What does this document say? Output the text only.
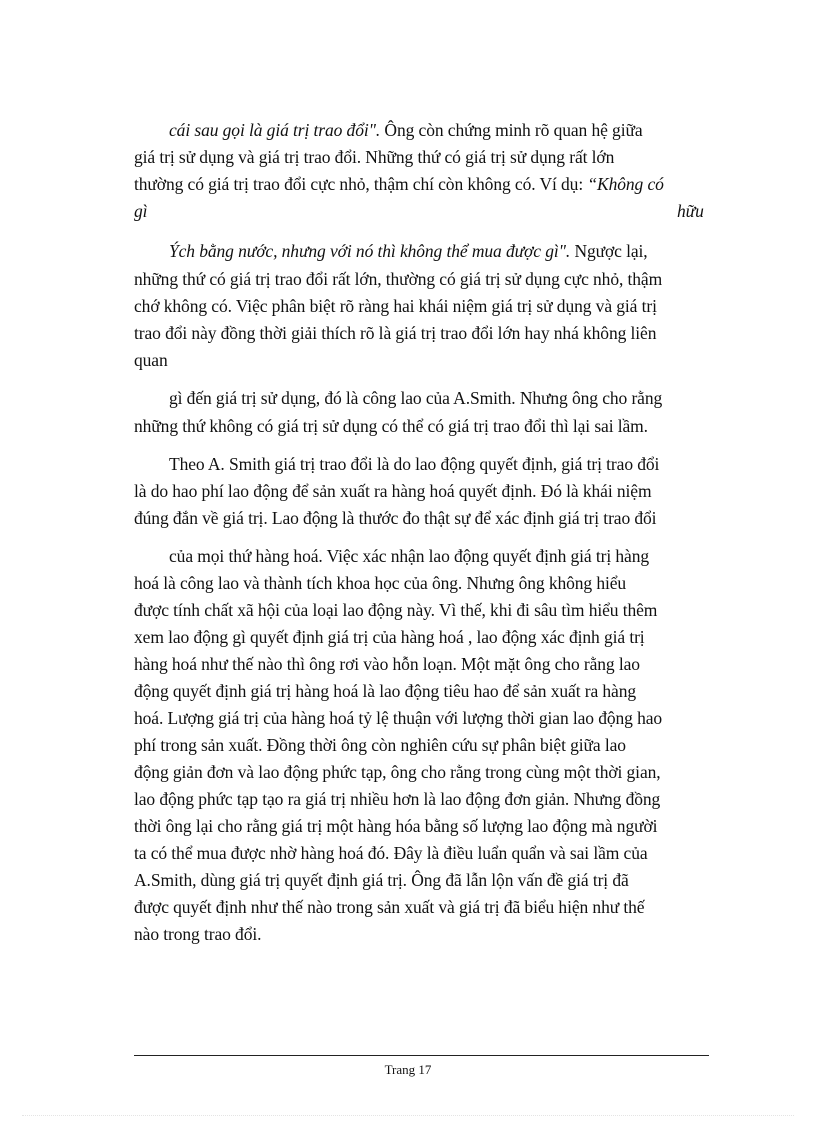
cái sau gọi là giá trị trao đổi". Ông còn chứng minh rõ quan hệ giữa
giá trị sử dụng và giá trị trao đổi. Những thứ có giá trị sử dụng rất lớn
thường có giá trị trao đổi cực nhỏ, thậm chí còn không có. Ví dụ: “Không có
gì	hữu
Ých bằng nước, nhưng với nó thì không thể mua được gì". Ngược lại,
những thứ có giá trị trao đổi rất lớn, thường có giá trị sử dụng cực nhỏ, thậm
chớ không có. Việc phân biệt rõ ràng hai khái niệm giá trị sử dụng và giá trị
trao đổi này đồng thời giải thích rõ là giá trị trao đổi lớn hay nhá không liên
quan
gì đến giá trị sử dụng, đó là công lao của A.Smith. Nhưng ông cho rằng
những thứ không có giá trị sử dụng có thể có giá trị trao đổi thì lại sai lầm.
Theo A. Smith giá trị trao đổi là do lao động quyết định, giá trị trao đổi
là do hao phí lao động để sản xuất ra hàng hoá quyết định. Đó là khái niệm
đúng đắn về giá trị. Lao động là thước đo thật sự để xác định giá trị trao đổi
của mọi thứ hàng hoá. Việc xác nhận lao động quyết định giá trị hàng
hoá là công lao và thành tích khoa học của ông. Nhưng ông không hiểu
được tính chất xã hội của loại lao động này. Vì thế, khi đi sâu tìm hiểu thêm
xem lao động gì quyết định giá trị của hàng hoá , lao động xác định giá trị
hàng hoá như thế nào thì ông rơi vào hỗn loạn. Một mặt ông cho rằng lao
động quyết định giá trị hàng hoá là lao động tiêu hao để sản xuất ra hàng
hoá. Lượng giá trị của hàng hoá tỷ lệ thuận với lượng thời gian lao động hao
phí trong sản xuất. Đồng thời ông còn nghiên cứu sự phân biệt giữa lao
động giản đơn và lao động phức tạp, ông cho rằng trong cùng một thời gian,
lao động phức tạp tạo ra giá trị nhiều hơn là lao động đơn giản. Nhưng đồng
thời ông lại cho rằng giá trị một hàng hóa bằng số lượng lao động mà người
ta có thể mua được nhờ hàng hoá đó. Đây là điều luẩn quẩn và sai lầm của
A.Smith, dùng giá trị quyết định giá trị. Ông đã lẫn lộn vấn đề giá trị đã
được quyết định như thế nào trong sản xuất và giá trị đã biểu hiện như thế
nào trong trao đổi.
Trang 17
